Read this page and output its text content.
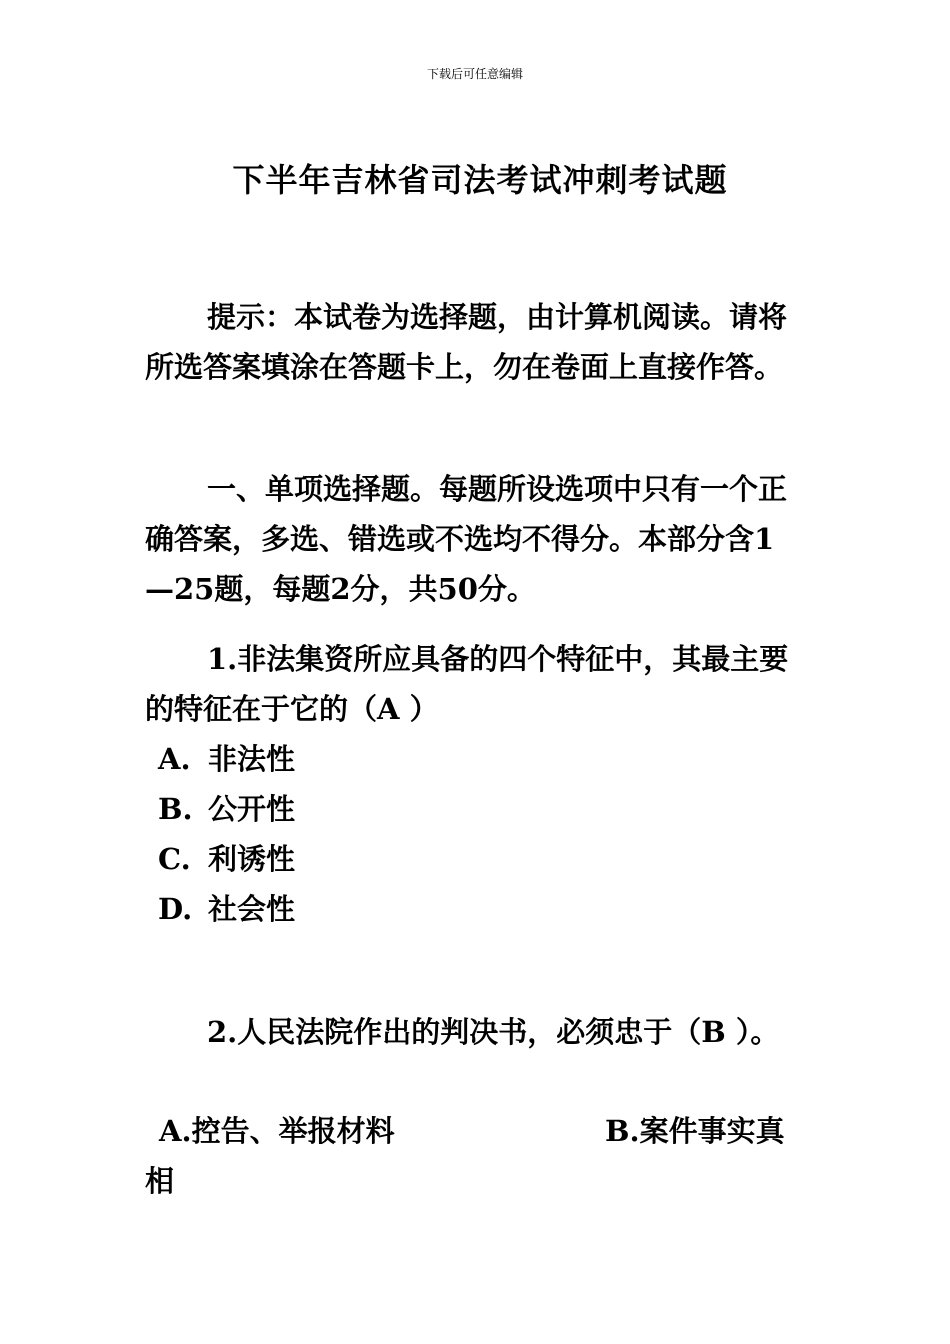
下载后可任意编辑
下半年吉林省司法考试冲刺考试题

提示：本试卷为选择题，由计算机阅读。请将所选答案填涂在答题卡上，勿在卷面上直接作答。

一、单项选择题。每题所设选项中只有一个正确答案，多选、错选或不选均不得分。本部分含1—25题，每题2分，共50分。

1.非法集资所应具备的四个特征中，其最主要的特征在于它的（A ）

A. 非法性
B. 公开性
C. 利诱性
D. 社会性

2.人民法院作出的判决书，必须忠于（B ）。

A.控告、举报材料	B.案件事实真
相
